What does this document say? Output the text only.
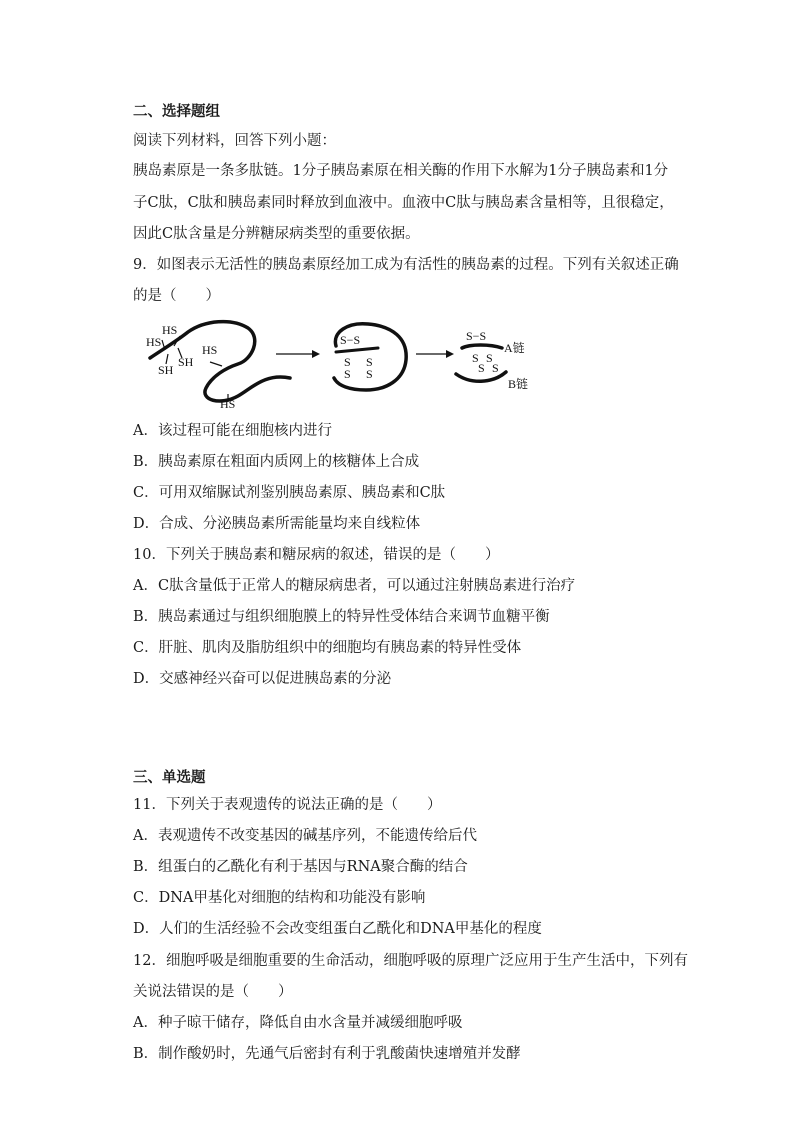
二、选择题组
阅读下列材料，回答下列小题：
胰岛素原是一条多肽链。1分子胰岛素原在相关酶的作用下水解为1分子胰岛素和1分
子C肽，C肽和胰岛素同时释放到血液中。血液中C肽与胰岛素含量相等，且很稳定，
因此C肽含量是分辨糖尿病类型的重要依据。
9．如图表示无活性的胰岛素原经加工成为有活性的胰岛素的过程。下列有关叙述正确
的是（　　）
HS
HS
SH
SH
HS
HS
S−S
S
S
S
S
S−S
S S
S S
A链
B链
A．该过程可能在细胞核内进行
B．胰岛素原在粗面内质网上的核糖体上合成
C．可用双缩脲试剂鉴别胰岛素原、胰岛素和C肽
D．合成、分泌胰岛素所需能量均来自线粒体
10．下列关于胰岛素和糖尿病的叙述，错误的是（　　）
A．C肽含量低于正常人的糖尿病患者，可以通过注射胰岛素进行治疗
B．胰岛素通过与组织细胞膜上的特异性受体结合来调节血糖平衡
C．肝脏、肌肉及脂肪组织中的细胞均有胰岛素的特异性受体
D．交感神经兴奋可以促进胰岛素的分泌
三、单选题
11．下列关于表观遗传的说法正确的是（　　）
A．表观遗传不改变基因的碱基序列，不能遗传给后代
B．组蛋白的乙酰化有利于基因与RNA聚合酶的结合
C．DNA甲基化对细胞的结构和功能没有影响
D．人们的生活经验不会改变组蛋白乙酰化和DNA甲基化的程度
12．细胞呼吸是细胞重要的生命活动，细胞呼吸的原理广泛应用于生产生活中，下列有
关说法错误的是（　　）
A．种子晾干储存，降低自由水含量并减缓细胞呼吸
B．制作酸奶时，先通气后密封有利于乳酸菌快速增殖并发酵
